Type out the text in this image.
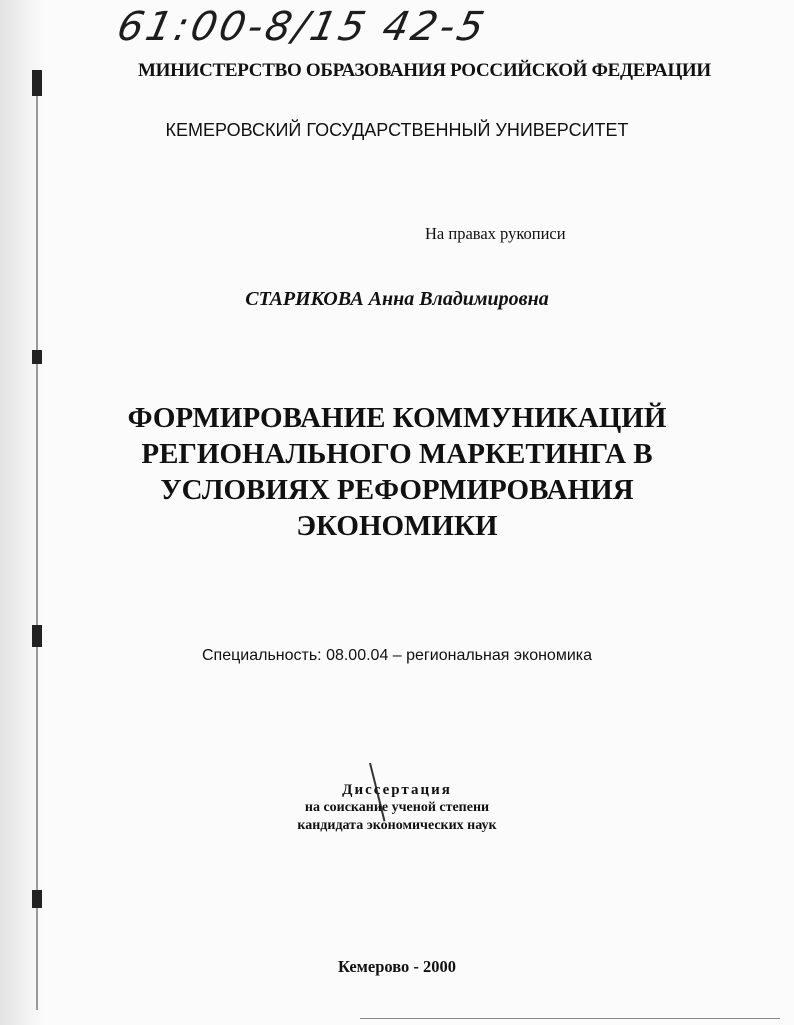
61:00-8/15 42-5
МИНИСТЕРСТВО ОБРАЗОВАНИЯ РОССИЙСКОЙ ФЕДЕРАЦИИ
КЕМЕРОВСКИЙ ГОСУДАРСТВЕННЫЙ УНИВЕРСИТЕТ
На правах рукописи
СТАРИКОВА Анна Владимировна
ФОРМИРОВАНИЕ КОММУНИКАЦИЙ
РЕГИОНАЛЬНОГО МАРКЕТИНГА В
УСЛОВИЯХ РЕФОРМИРОВАНИЯ
ЭКОНОМИКИ
Специальность: 08.00.04 – региональная экономика
Диссертация
на соискание ученой степени
кандидата экономических наук
Кемерово - 2000
